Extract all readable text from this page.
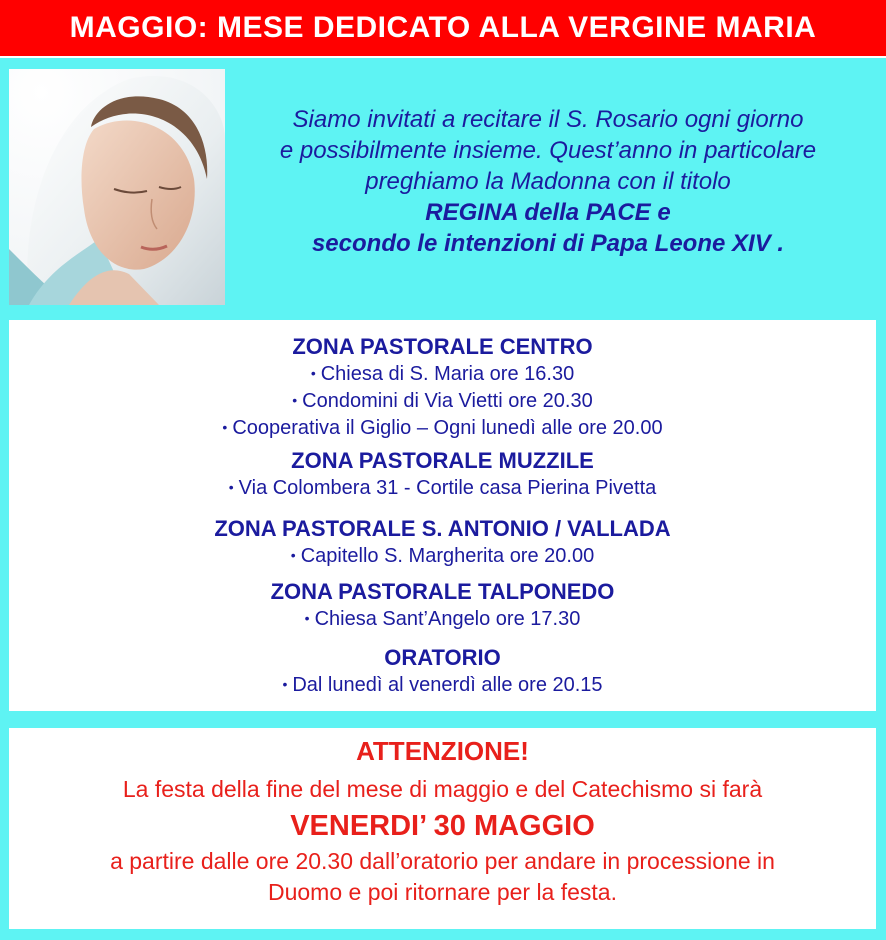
MAGGIO: MESE DEDICATO ALLA VERGINE MARIA
Siamo invitati a recitare il S. Rosario ogni giorno
e possibilmente insieme. Quest’anno in particolare
preghiamo la Madonna con il titolo
REGINA della PACE e
secondo le intenzioni di Papa Leone XIV .
ZONA PASTORALE CENTRO
• Chiesa di S. Maria ore 16.30
• Condomini di Via Vietti ore 20.30
• Cooperativa il Giglio – Ogni lunedì alle ore 20.00
ZONA PASTORALE MUZZILE
• Via Colombera 31 - Cortile casa Pierina Pivetta
ZONA PASTORALE S. ANTONIO / VALLADA
• Capitello S. Margherita ore 20.00
ZONA PASTORALE TALPONEDO
• Chiesa Sant’Angelo ore 17.30
ORATORIO
• Dal lunedì al venerdì alle ore 20.15
ATTENZIONE!
La festa della fine del mese di maggio e del Catechismo si farà
VENERDI’ 30 MAGGIO
a partire dalle ore 20.30 dall’oratorio per andare in processione in
Duomo e poi ritornare per la festa.
